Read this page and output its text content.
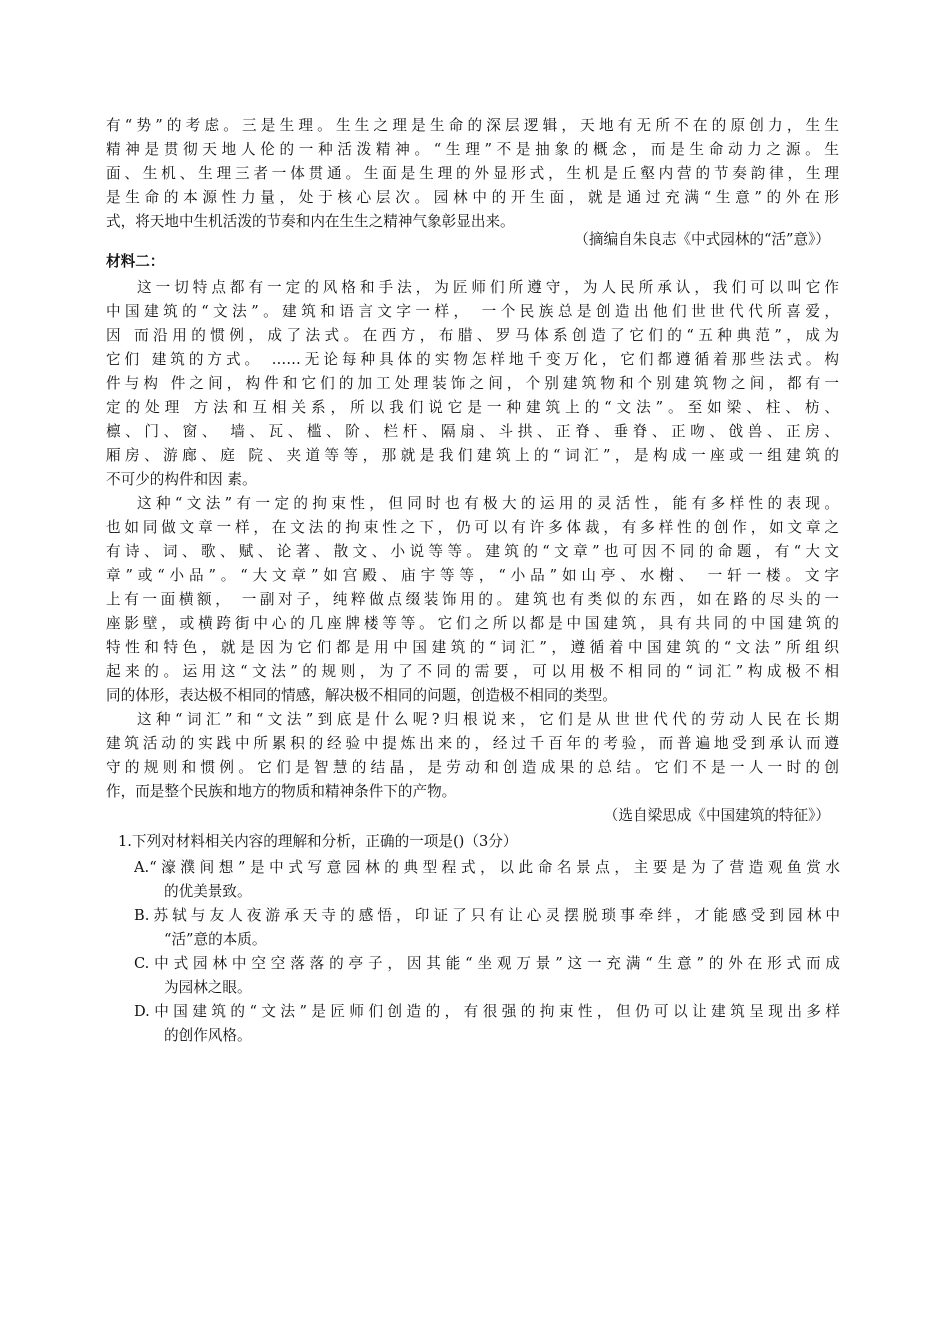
有“势”的考虑。三是生理。生生之理是生命的深层逻辑，天地有无所不在的原创力，生生
精神是贯彻天地人伦的一种活泼精神。“生理”不是抽象的概念，而是生命动力之源。生
面、生机、生理三者一体贯通。生面是生理的外显形式，生机是丘壑内营的节奏韵律，生理
是生命的本源性力量，处于核心层次。园林中的开生面，就是通过充满“生意”的外在形
式，将天地中生机活泼的节奏和内在生生之精神气象彰显出来。
（摘编自朱良志《中式园林的“活”意》）
材料二：
这一切特点都有一定的风格和手法，为匠师们所遵守，为人民所承认，我们可以叫它作
中国建筑的“文法”。建筑和语言文字一样， 一个民族总是创造出他们世世代代所喜爱，
因 而沿用的惯例，成了法式。在西方，布腊、罗马体系创造了它们的“五种典范”，成为
它们 建筑的方式。 ……无论每种具体的实物怎样地千变万化，它们都遵循着那些法式。构
件与构 件之间，构件和它们的加工处理装饰之间，个别建筑物和个别建筑物之间，都有一
定的处理 方法和互相关系，所以我们说它是一种建筑上的“文法”。至如梁、柱、枋、
檩、门、窗、 墙、瓦、槛、阶、栏杆、隔扇、斗拱、正脊、垂脊、正吻、戗兽、正房、
厢房、游廊、庭 院、夹道等等，那就是我们建筑上的“词汇”，是构成一座或一组建筑的
不可少的构件和因 素。
这种“文法”有一定的拘束性，但同时也有极大的运用的灵活性，能有多样性的表现。
也如同做文章一样，在文法的拘束性之下，仍可以有许多体裁，有多样性的创作，如文章之
有诗、词、歌、赋、论著、散文、小说等等。建筑的“文章”也可因不同的命题，有“大文
章”或“小品”。“大文章”如宫殿、庙宇等等，“小品”如山亭、水榭、 一轩一楼。文字
上有一面横额， 一副对子，纯粹做点缀装饰用的。建筑也有类似的东西，如在路的尽头的一
座影壁，或横跨街中心的几座牌楼等等。它们之所以都是中国建筑，具有共同的中国建筑的
特性和特色，就是因为它们都是用中国建筑的“词汇”，遵循着中国建筑的“文法”所组织
起来的。运用这“文法”的规则，为了不同的需要，可以用极不相同的“词汇”构成极不相
同的体形，表达极不相同的情感，解决极不相同的问题，创造极不相同的类型。
这种“词汇”和“文法”到底是什么呢?归根说来，它们是从世世代代的劳动人民在长期
建筑活动的实践中所累积的经验中提炼出来的，经过千百年的考验，而普遍地受到承认而遵
守的规则和惯例。它们是智慧的结晶，是劳动和创造成果的总结。它们不是一人一时的创
作，而是整个民族和地方的物质和精神条件下的产物。
（选自梁思成《中国建筑的特征》）
1.下列对材料相关内容的理解和分析，正确的一项是()（3分）
A.“濠濮间想”是中式写意园林的典型程式，以此命名景点，主要是为了营造观鱼赏水
的优美景致。
B.苏轼与友人夜游承天寺的感悟，印证了只有让心灵摆脱琐事牵绊，才能感受到园林中
“活”意的本质。
C.中式园林中空空落落的亭子，因其能“坐观万景”这一充满“生意”的外在形式而成
为园林之眼。
D.中国建筑的“文法”是匠师们创造的，有很强的拘束性，但仍可以让建筑呈现出多样
的创作风格。
